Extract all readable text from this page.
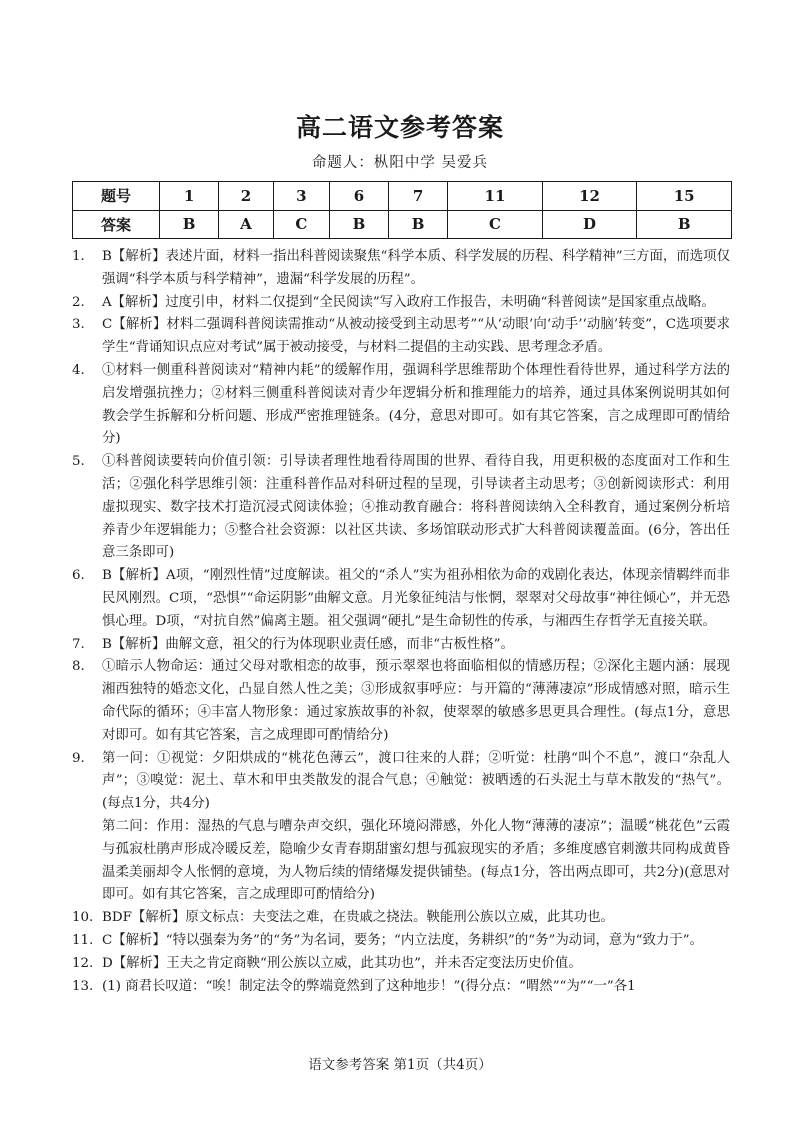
高二语文参考答案
命题人：枞阳中学 吴爱兵
题号	1	2	3	6	7	11	12	15
答案	B	A	C	B	B	C	D	B
1. B【解析】表述片面，材料一指出科普阅读聚焦“科学本质、科学发展的历程、科学精神”三方面，而选项仅强调“科学本质与科学精神”，遗漏“科学发展的历程”。
2. A【解析】过度引申，材料二仅提到“全民阅读”写入政府工作报告，未明确“科普阅读”是国家重点战略。
3. C【解析】材料二强调科普阅读需推动“从被动接受到主动思考”“从‘动眼’向‘动手’‘动脑’转变”，C选项要求学生“背诵知识点应对考试”属于被动接受，与材料二提倡的主动实践、思考理念矛盾。
4. ①材料一侧重科普阅读对“精神内耗”的缓解作用，强调科学思维帮助个体理性看待世界，通过科学方法的启发增强抗挫力；②材料三侧重科普阅读对青少年逻辑分析和推理能力的培养，通过具体案例说明其如何教会学生拆解和分析问题、形成严密推理链条。(4分，意思对即可。如有其它答案，言之成理即可酌情给分)
5. ①科普阅读要转向价值引领：引导读者理性地看待周围的世界、看待自我，用更积极的态度面对工作和生活；②强化科学思维引领：注重科普作品对科研过程的呈现，引导读者主动思考；③创新阅读形式：利用虚拟现实、数字技术打造沉浸式阅读体验；④推动教育融合：将科普阅读纳入全科教育，通过案例分析培养青少年逻辑能力；⑤整合社会资源：以社区共读、多场馆联动形式扩大科普阅读覆盖面。(6分，答出任意三条即可)
6. B【解析】A项，“刚烈性情”过度解读。祖父的“杀人”实为祖孙相依为命的戏剧化表达，体现亲情羁绊而非民风刚烈。C项，“恐惧”“命运阴影”曲解文意。月光象征纯洁与怅惘，翠翠对父母故事“神往倾心”，并无恐惧心理。D项，“对抗自然”偏离主题。祖父强调“硬扎”是生命韧性的传承，与湘西生存哲学无直接关联。
7. B【解析】曲解文意，祖父的行为体现职业责任感，而非“古板性格”。
8. ①暗示人物命运：通过父母对歌相恋的故事，预示翠翠也将面临相似的情感历程；②深化主题内涵：展现湘西独特的婚恋文化，凸显自然人性之美；③形成叙事呼应：与开篇的“薄薄凄凉”形成情感对照，暗示生命代际的循环；④丰富人物形象：通过家族故事的补叙，使翠翠的敏感多思更具合理性。(每点1分，意思对即可。如有其它答案，言之成理即可酌情给分)
9. 第一问：①视觉：夕阳烘成的“桃花色薄云”，渡口往来的人群；②听觉：杜鹃“叫个不息”，渡口“杂乱人声”；③嗅觉：泥土、草木和甲虫类散发的混合气息；④触觉：被晒透的石头泥土与草木散发的“热气”。(每点1分，共4分)
第二问：作用：湿热的气息与嘈杂声交织，强化环境闷滞感，外化人物“薄薄的凄凉”；温暖“桃花色”云霞与孤寂杜鹃声形成冷暖反差，隐喻少女青春期甜蜜幻想与孤寂现实的矛盾；多维度感官刺激共同构成黄昏温柔美丽却令人怅惘的意境，为人物后续的情绪爆发提供铺垫。(每点1分，答出两点即可，共2分)(意思对即可。如有其它答案，言之成理即可酌情给分)
10. BDF【解析】原文标点：夫变法之难，在贵戚之挠法。鞅能刑公族以立威，此其功也。
11. C【解析】“特以强秦为务”的“务”为名词，要务；“内立法度，务耕织”的“务”为动词，意为“致力于”。
12. D【解析】王夫之肯定商鞅“刑公族以立威，此其功也”，并未否定变法历史价值。
13. (1) 商君长叹道：“唉！制定法令的弊端竟然到了这种地步！”(得分点：“喟然”“为”“一”各1
语文参考答案 第1页（共4页）
